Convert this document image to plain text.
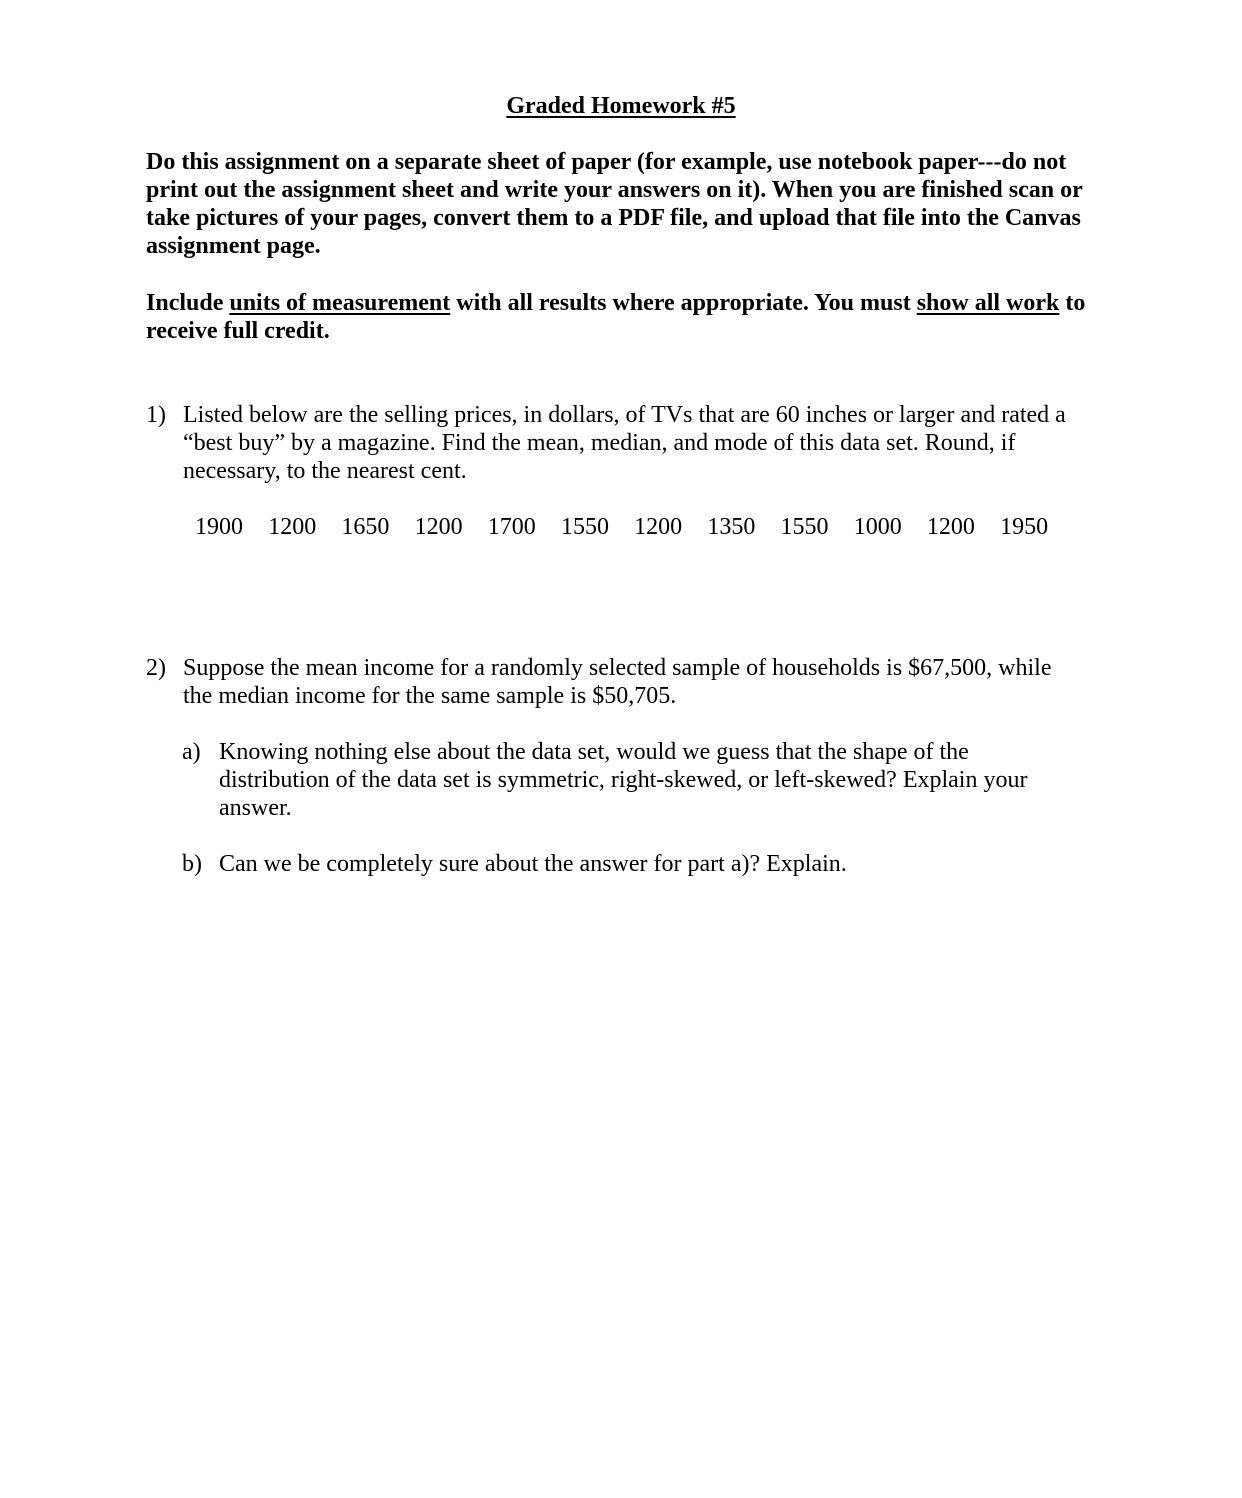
Graded Homework #5
Do this assignment on a separate sheet of paper (for example, use notebook paper---do not print out the assignment sheet and write your answers on it). When you are finished scan or take pictures of your pages, convert them to a PDF file, and upload that file into the Canvas assignment page.
Include units of measurement with all results where appropriate. You must show all work to receive full credit.
1) Listed below are the selling prices, in dollars, of TVs that are 60 inches or larger and rated a “best buy” by a magazine. Find the mean, median, and mode of this data set. Round, if necessary, to the nearest cent.
1900	1200	1650	1200	1700	1550	1200	1350	1550	1000	1200	1950
2) Suppose the mean income for a randomly selected sample of households is $67,500, while the median income for the same sample is $50,705.
a) Knowing nothing else about the data set, would we guess that the shape of the distribution of the data set is symmetric, right-skewed, or left-skewed? Explain your answer.
b) Can we be completely sure about the answer for part a)? Explain.
